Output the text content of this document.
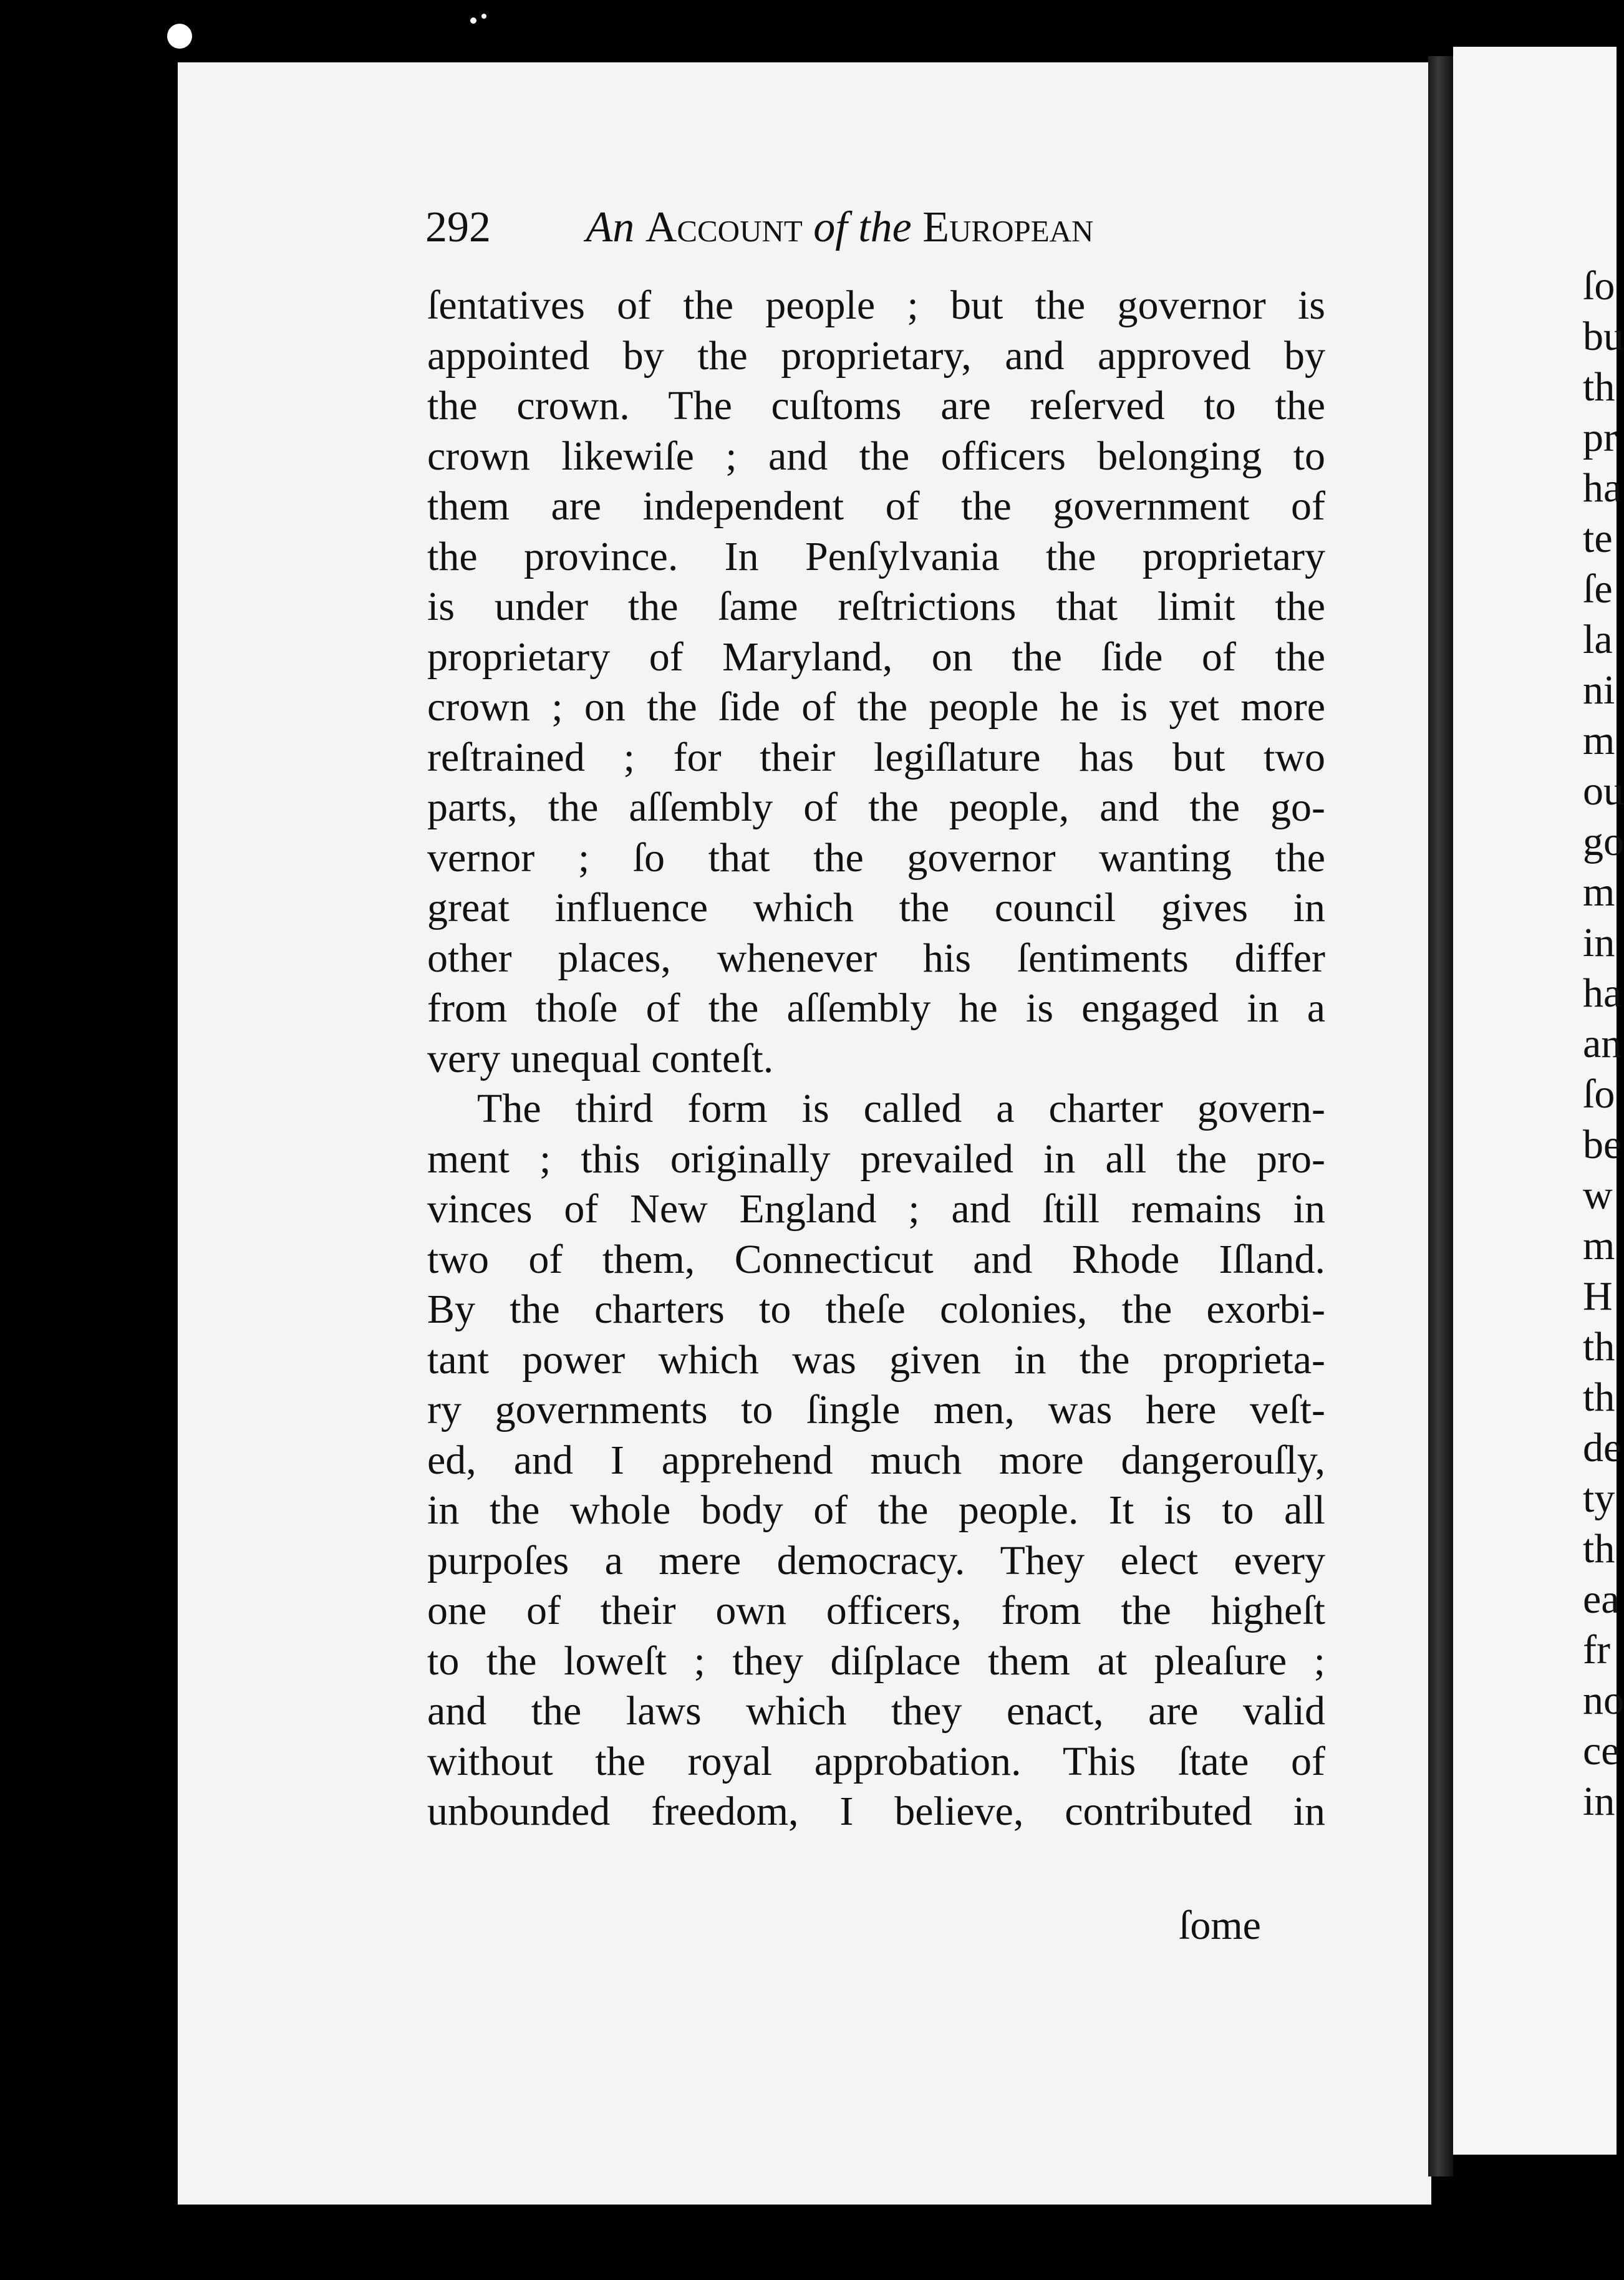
292 An Account of the European
ſentatives of the people ; but the governor is
appointed by the proprietary, and approved by
the crown. The cuſtoms are reſerved to the
crown likewiſe ; and the officers belonging to
them are independent of the government of
the province. In Penſylvania the proprietary
is under the ſame reſtrictions that limit the
proprietary of Maryland, on the ſide of the
crown ; on the ſide of the people he is yet more
reſtrained ; for their legiſlature has but two
parts, the aſſembly of the people, and the go-
vernor ; ſo that the governor wanting the
great influence which the council gives in
other places, whenever his ſentiments differ
from thoſe of the aſſembly he is engaged in a
very unequal conteſt.
The third form is called a charter govern-
ment ; this originally prevailed in all the pro-
vinces of New England ; and ſtill remains in
two of them, Connecticut and Rhode Iſland.
By the charters to theſe colonies, the exorbi-
tant power which was given in the proprieta-
ry governments to ſingle men, was here veſt-
ed, and I apprehend much more dangerouſly,
in the whole body of the people. It is to all
purpoſes a mere democracy. They elect every
one of their own officers, from the higheſt
to the loweſt ; they diſplace them at pleaſure ;
and the laws which they enact, are valid
without the royal approbation. This ſtate of
unbounded freedom, I believe, contributed in
ſome
ſo
bu
th
pr
ha
te
ſe
la
ni
m
ou
go
m
in
ha
an
ſo
be
w
m
H
th
th
de
ty
th
ea
fr
no
ce
in
